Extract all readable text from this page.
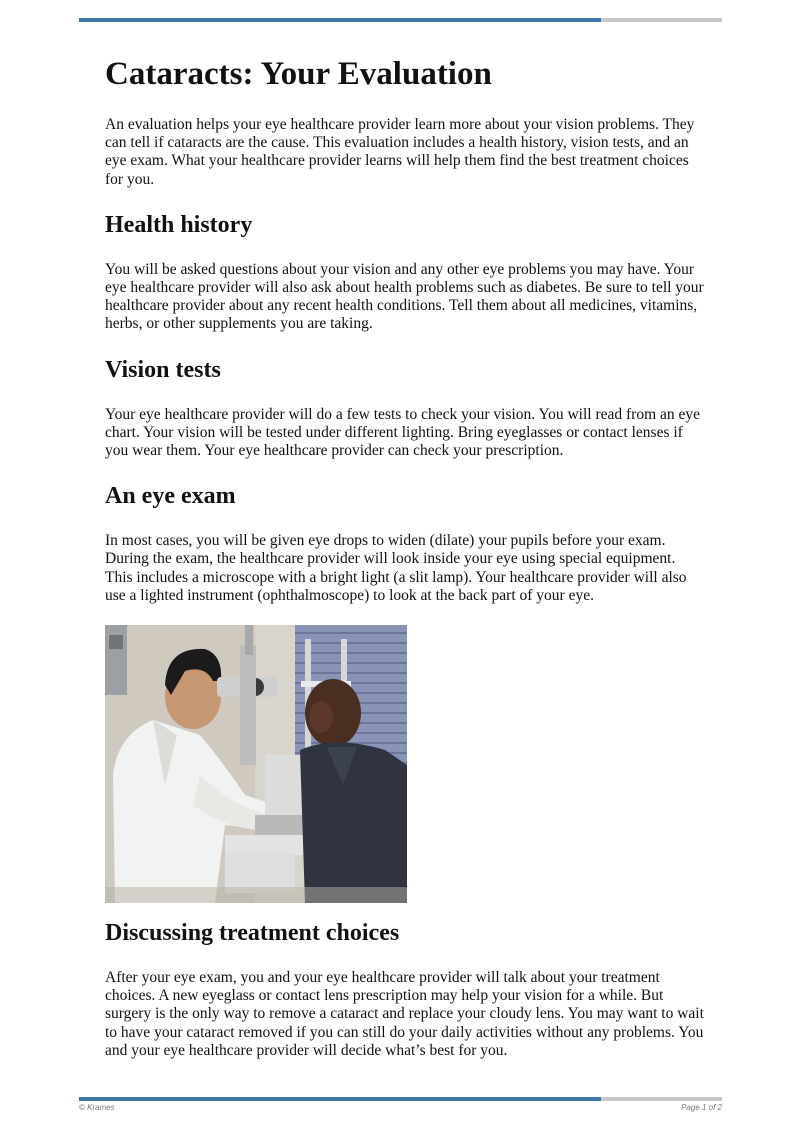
Cataracts: Your Evaluation

An evaluation helps your eye healthcare provider learn more about your vision problems. They can tell if cataracts are the cause. This evaluation includes a health history, vision tests, and an eye exam. What your healthcare provider learns will help them find the best treatment choices for you.

Health history

You will be asked questions about your vision and any other eye problems you may have. Your eye healthcare provider will also ask about health problems such as diabetes. Be sure to tell your healthcare provider about any recent health conditions. Tell them about all medicines, vitamins, herbs, or other supplements you are taking.

Vision tests

Your eye healthcare provider will do a few tests to check your vision. You will read from an eye chart. Your vision will be tested under different lighting. Bring eyeglasses or contact lenses if you wear them. Your eye healthcare provider can check your prescription.

An eye exam

In most cases, you will be given eye drops to widen (dilate) your pupils before your exam. During the exam, the healthcare provider will look inside your eye using special equipment. This includes a microscope with a bright light (a slit lamp). Your healthcare provider will also use a lighted instrument (ophthalmoscope) to look at the back part of your eye.

Discussing treatment choices

After your eye exam, you and your eye healthcare provider will talk about your treatment choices. A new eyeglass or contact lens prescription may help your vision for a while. But surgery is the only way to remove a cataract and replace your cloudy lens. You may want to wait to have your cataract removed if you can still do your daily activities without any problems. You and your eye healthcare provider will decide what’s best for you.

© Krames	Page 1 of 2
